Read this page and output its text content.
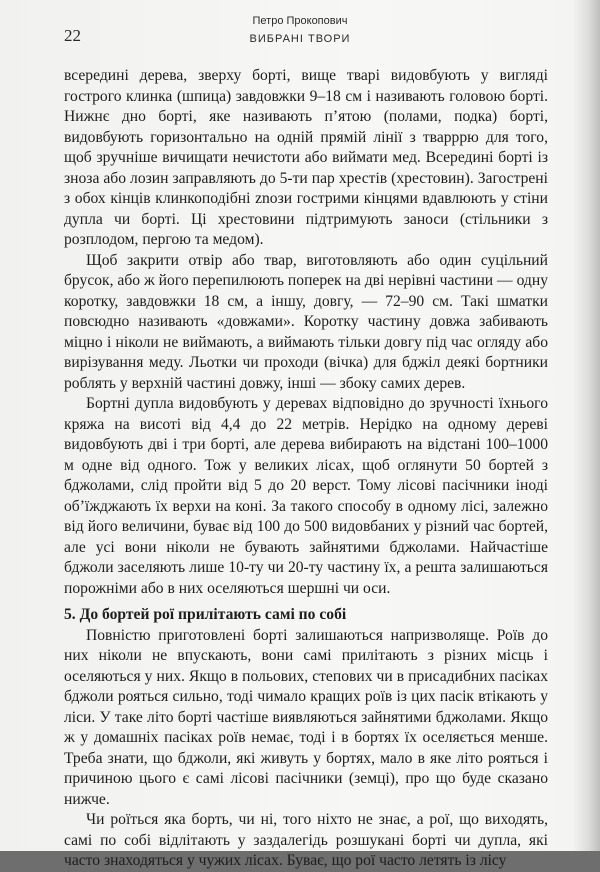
22
Петро Прокопович
ВИБРАНІ ТВОРИ

всередині дерева, зверху борті, вище тварі видовбують у вигляді гострого клинка (шпица) завдовжки 9–18 см і називають головою борті. Нижнє дно борті, яке називають п’ятою (полами, подка) борті, видовбують горизонтально на одній прямій лінії з тварррю для того, щоб зручніше вичищати нечистоти або виймати мед. Всередині борті із зноза або лозин заправляють до 5-ти пар хрестів (хрестовин). Загострені з обох кінців клинкоподібні znози гострими кінцями вдавлюють у стіни дупла чи борті. Ці хрестовини підтримують заноси (стільники з розплодом, пергою та медом).

Щоб закрити отвір або твар, виготовляють або один суцільний брусок, або ж його перепилюють поперек на дві нерівні частини — одну коротку, завдовжки 18 см, а іншу, довгу, — 72–90 см. Такі шматки повсюдно називають «довжами». Коротку частину довжа забивають міцно і ніколи не виймають, а виймають тільки довгу під час огляду або вирізування меду. Льотки чи проходи (вічка) для бджіл деякі бортники роблять у верхній частині довжу, інші — збоку самих дерев.

Бортні дупла видовбують у деревах відповідно до зручності їхнього кряжа на висоті від 4,4 до 22 метрів. Нерідко на одному дереві видовбують дві і три борті, але дерева вибирають на відстані 100–1000 м одне від одного. Тож у великих лісах, щоб оглянути 50 бортей з бджолами, слід пройти від 5 до 20 верст. Тому лісові пасічники іноді об’їжджають їх верхи на коні. За такого способу в одному лісі, залежно від його величини, буває від 100 до 500 видовбаних у різний час бортей, але усі вони ніколи не бувають зайнятими бджолами. Найчастіше бджоли заселяють лише 10-ту чи 20-ту частину їх, а решта залишаються порожніми або в них оселяються шершні чи оси.

5. До бортей рої прилітають самі по собі

Повністю приготовлені борті залишаються напризволяще. Роїв до них ніколи не впускають, вони самі прилітають з різних місць і оселяються у них. Якщо в польових, степових чи в присадибних пасіках бджоли рояться сильно, тоді чимало кращих роїв із цих пасік втікають у ліси. У таке літо борті частіше виявляються зайнятими бджолами. Якщо ж у домашніх пасіках роїв немає, тоді і в бортях їх оселяється менше. Треба знати, що бджоли, які живуть у бортях, мало в яке літо рояться і причиною цього є самі лісові пасічники (земці), про що буде сказано нижче.

Чи роїться яка борть, чи ні, того ніхто не знає, а рої, що виходять, самі по собі відлітають у заздалегідь розшукані борті чи дупла, які часто знаходяться у чужих лісах. Буває, що рої часто летять із лісу
